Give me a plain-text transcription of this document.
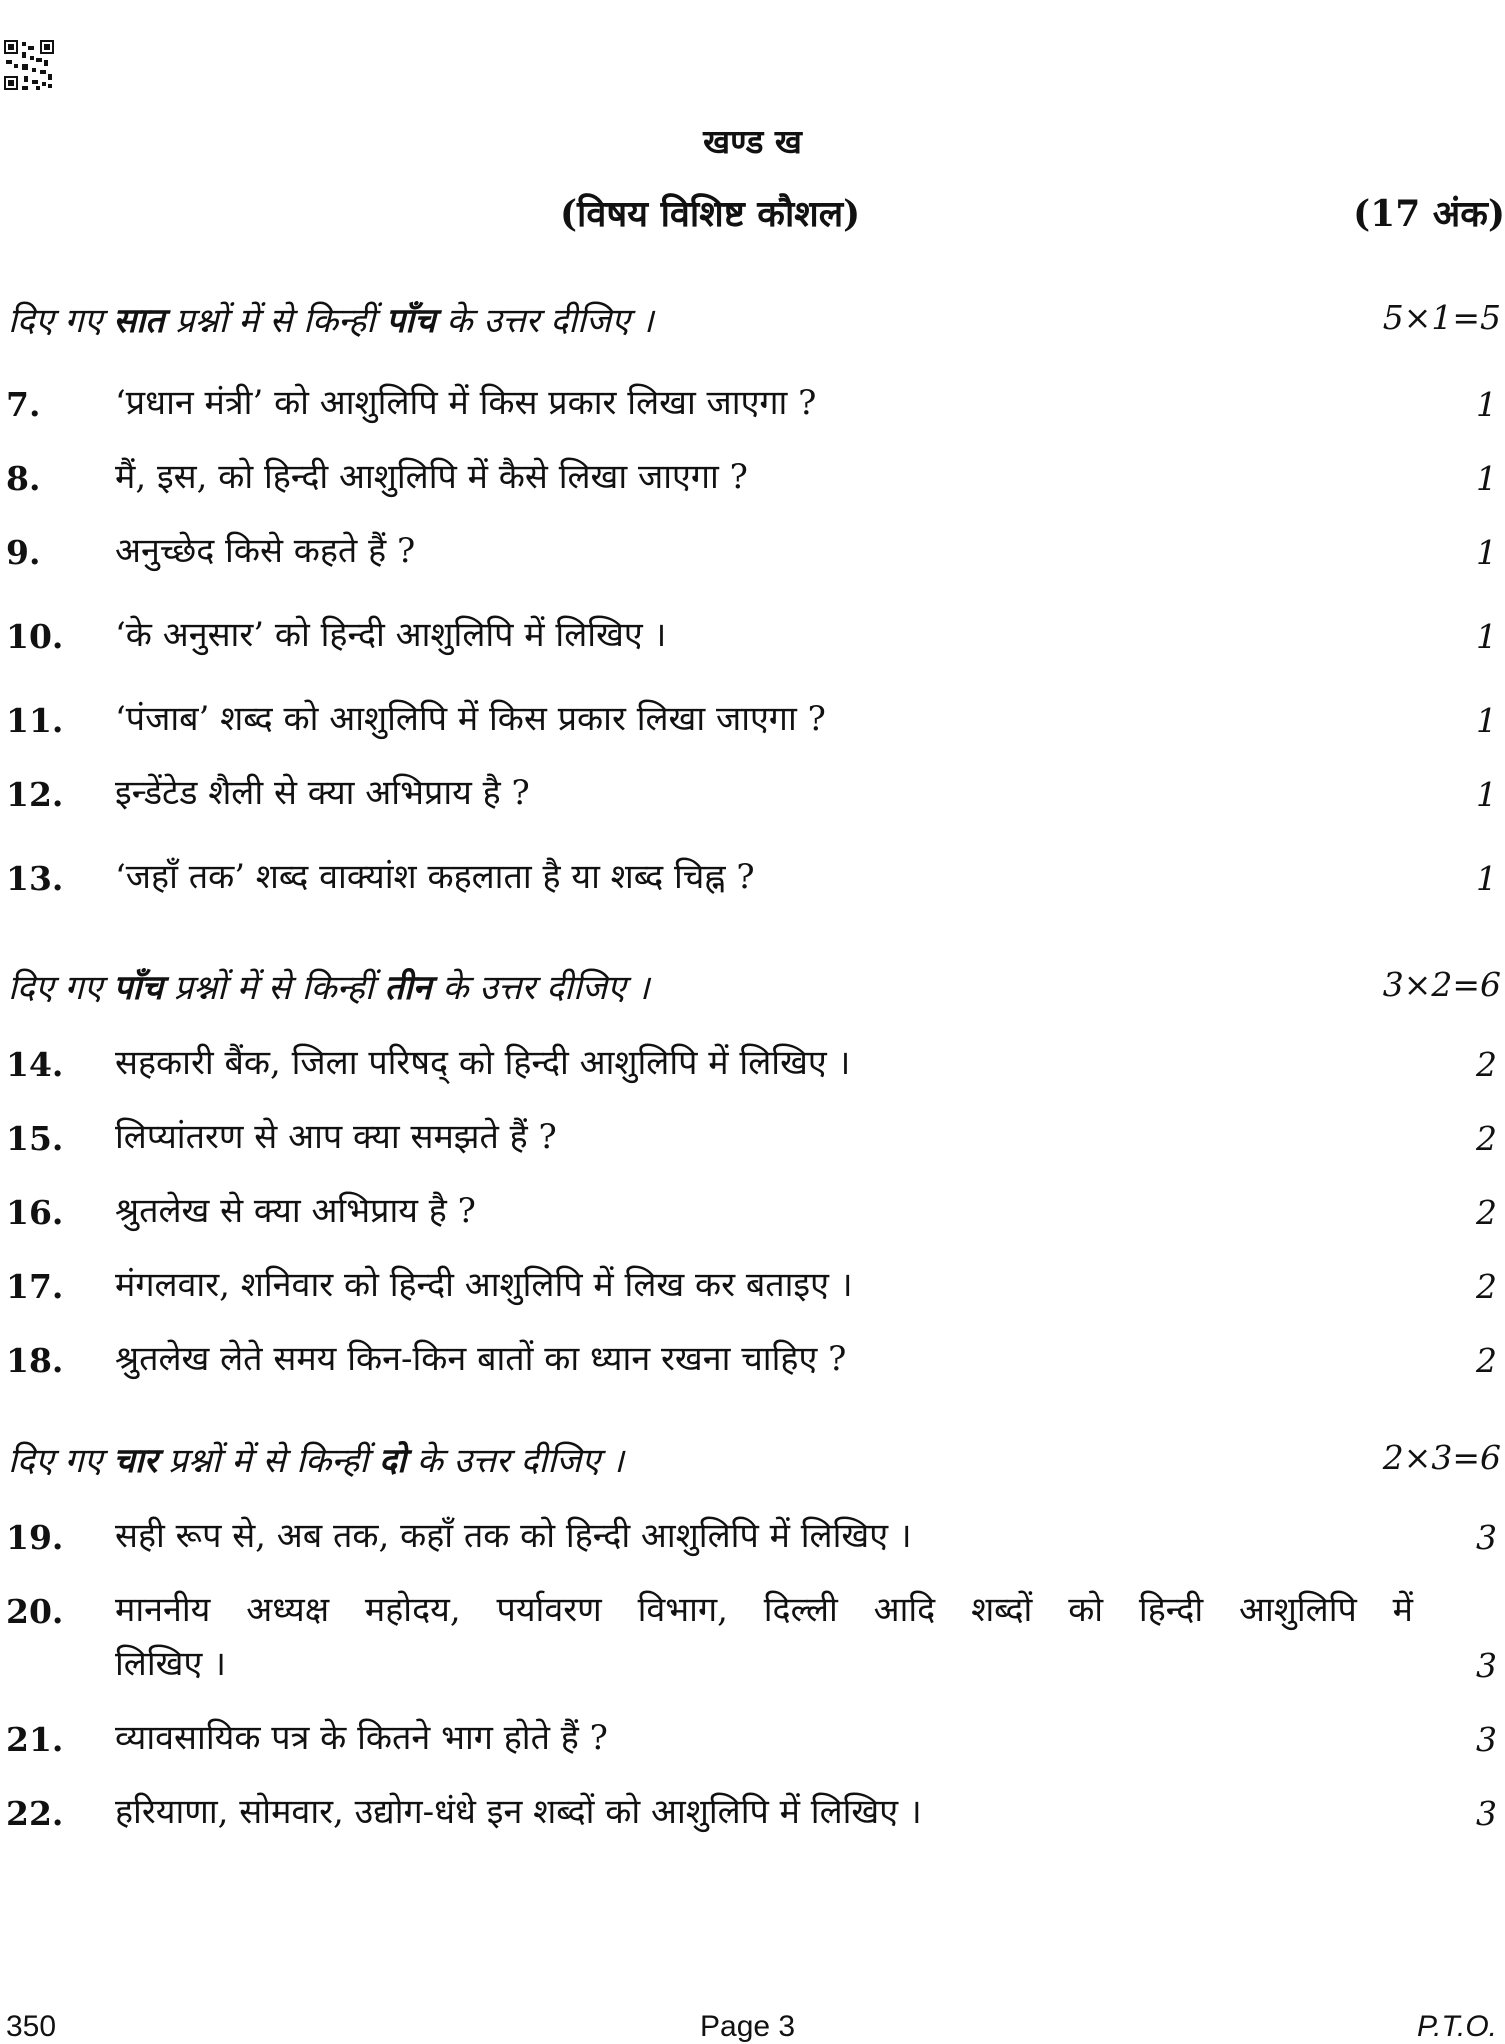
खण्ड ख
(विषय विशिष्ट कौशल)	(17 अंक)
दिए गए सात प्रश्नों में से किन्हीं पाँच के उत्तर दीजिए ।	5×1=5
7. ‘प्रधान मंत्री’ को आशुलिपि में किस प्रकार लिखा जाएगा ?	1
8. मैं, इस, को हिन्दी आशुलिपि में कैसे लिखा जाएगा ?	1
9. अनुच्छेद किसे कहते हैं ?	1
10. ‘के अनुसार’ को हिन्दी आशुलिपि में लिखिए ।	1
11. ‘पंजाब’ शब्द को आशुलिपि में किस प्रकार लिखा जाएगा ?	1
12. इन्डेंटेड शैली से क्या अभिप्राय है ?	1
13. ‘जहाँ तक’ शब्द वाक्यांश कहलाता है या शब्द चिह्न ?	1
दिए गए पाँच प्रश्नों में से किन्हीं तीन के उत्तर दीजिए ।	3×2=6
14. सहकारी बैंक, जिला परिषद् को हिन्दी आशुलिपि में लिखिए ।	2
15. लिप्यांतरण से आप क्या समझते हैं ?	2
16. श्रुतलेख से क्या अभिप्राय है ?	2
17. मंगलवार, शनिवार को हिन्दी आशुलिपि में लिख कर बताइए ।	2
18. श्रुतलेख लेते समय किन-किन बातों का ध्यान रखना चाहिए ?	2
दिए गए चार प्रश्नों में से किन्हीं दो के उत्तर दीजिए ।	2×3=6
19. सही रूप से, अब तक, कहाँ तक को हिन्दी आशुलिपि में लिखिए ।	3
20. माननीय अध्यक्ष महोदय, पर्यावरण विभाग, दिल्ली आदि शब्दों को हिन्दी आशुलिपि में
लिखिए ।	3
21. व्यावसायिक पत्र के कितने भाग होते हैं ?	3
22. हरियाणा, सोमवार, उद्योग-धंधे इन शब्दों को आशुलिपि में लिखिए ।	3
350	Page 3	P.T.O.
